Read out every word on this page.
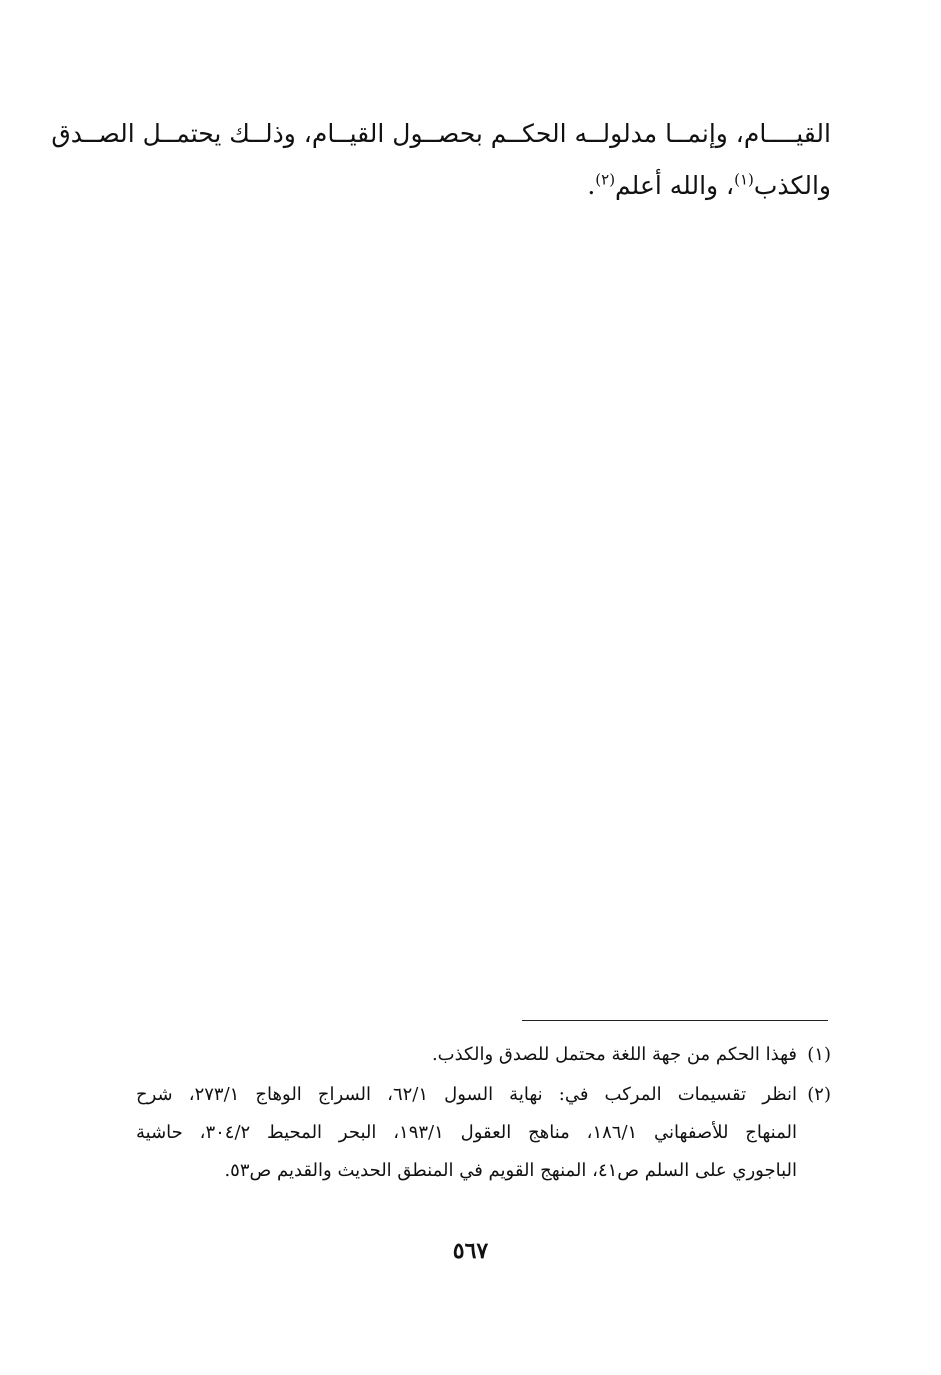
القيــــام، وإنمــا مدلولــه الحكــم بحصــول القيــام، وذلــك يحتمــل الصــدق
والكذب$^{(١)}$، والله أعلم$^{(٢)}$.
(١)
فهذا الحكم من جهة اللغة محتمل للصدق والكذب.
(٢)
انظر تقسيمات المركب في: نهاية السول ٦٢/١، السراج الوهاج ٢٧٣/١، شرح
المنهاج للأصفهاني ١٨٦/١، مناهج العقول ١٩٣/١، البحر المحيط ٣٠٤/٢، حاشية
الباجوري على السلم ص٤١، المنهج القويم في المنطق الحديث والقديم ص٥٣.
٥٦٧
